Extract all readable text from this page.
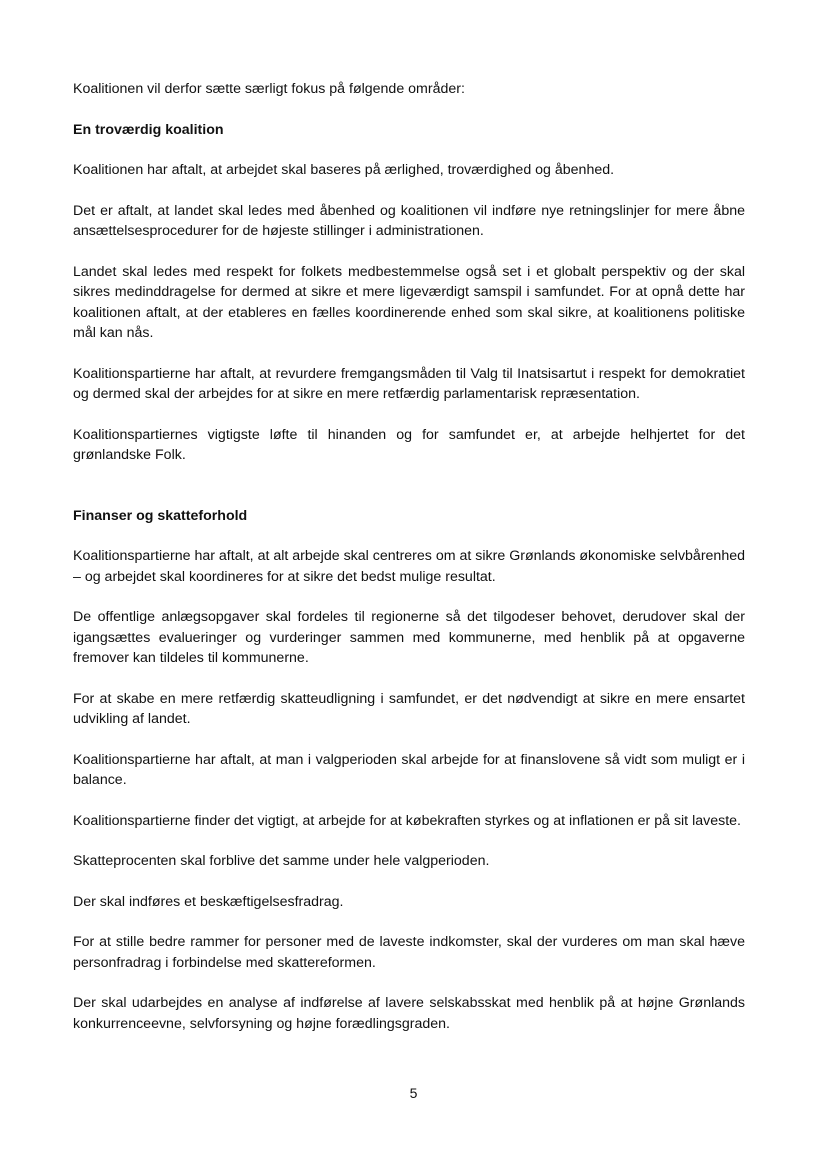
Koalitionen vil derfor sætte særligt fokus på følgende områder:

En troværdig koalition

Koalitionen har aftalt, at arbejdet skal baseres på ærlighed, troværdighed og åbenhed.

Det er aftalt, at landet skal ledes med åbenhed og koalitionen vil indføre nye retningslinjer for mere åbne ansættelsesprocedurer for de højeste stillinger i administrationen.

Landet skal ledes med respekt for folkets medbestemmelse også set i et globalt perspektiv og der skal sikres medinddragelse for dermed at sikre et mere ligeværdigt samspil i samfundet. For at opnå dette har koalitionen aftalt, at der etableres en fælles koordinerende enhed som skal sikre, at koalitionens politiske mål kan nås.

Koalitionspartierne har aftalt, at revurdere fremgangsmåden til Valg til Inatsisartut i respekt for demokratiet og dermed skal der arbejdes for at sikre en mere retfærdig parlamentarisk repræsentation.

Koalitionspartiernes vigtigste løfte til hinanden og for samfundet er, at arbejde helhjertet for det grønlandske Folk.

Finanser og skatteforhold

Koalitionspartierne har aftalt, at alt arbejde skal centreres om at sikre Grønlands økonomiske selvbårenhed – og arbejdet skal koordineres for at sikre det bedst mulige resultat.

De offentlige anlægsopgaver skal fordeles til regionerne så det tilgodeser behovet, derudover skal der igangsættes evalueringer og vurderinger sammen med kommunerne, med henblik på at opgaverne fremover kan tildeles til kommunerne.

For at skabe en mere retfærdig skatteudligning i samfundet, er det nødvendigt at sikre en mere ensartet udvikling af landet.

Koalitionspartierne har aftalt, at man i valgperioden skal arbejde for at finanslovene så vidt som muligt er i balance.

Koalitionspartierne finder det vigtigt, at arbejde for at købekraften styrkes og at inflationen er på sit laveste.

Skatteprocenten skal forblive det samme under hele valgperioden.

Der skal indføres et beskæftigelsesfradrag.

For at stille bedre rammer for personer med de laveste indkomster, skal der vurderes om man skal hæve personfradrag i forbindelse med skattereformen.

Der skal udarbejdes en analyse af indførelse af lavere selskabsskat med henblik på at højne Grønlands konkurrenceevne, selvforsyning og højne forædlingsgraden.

5
